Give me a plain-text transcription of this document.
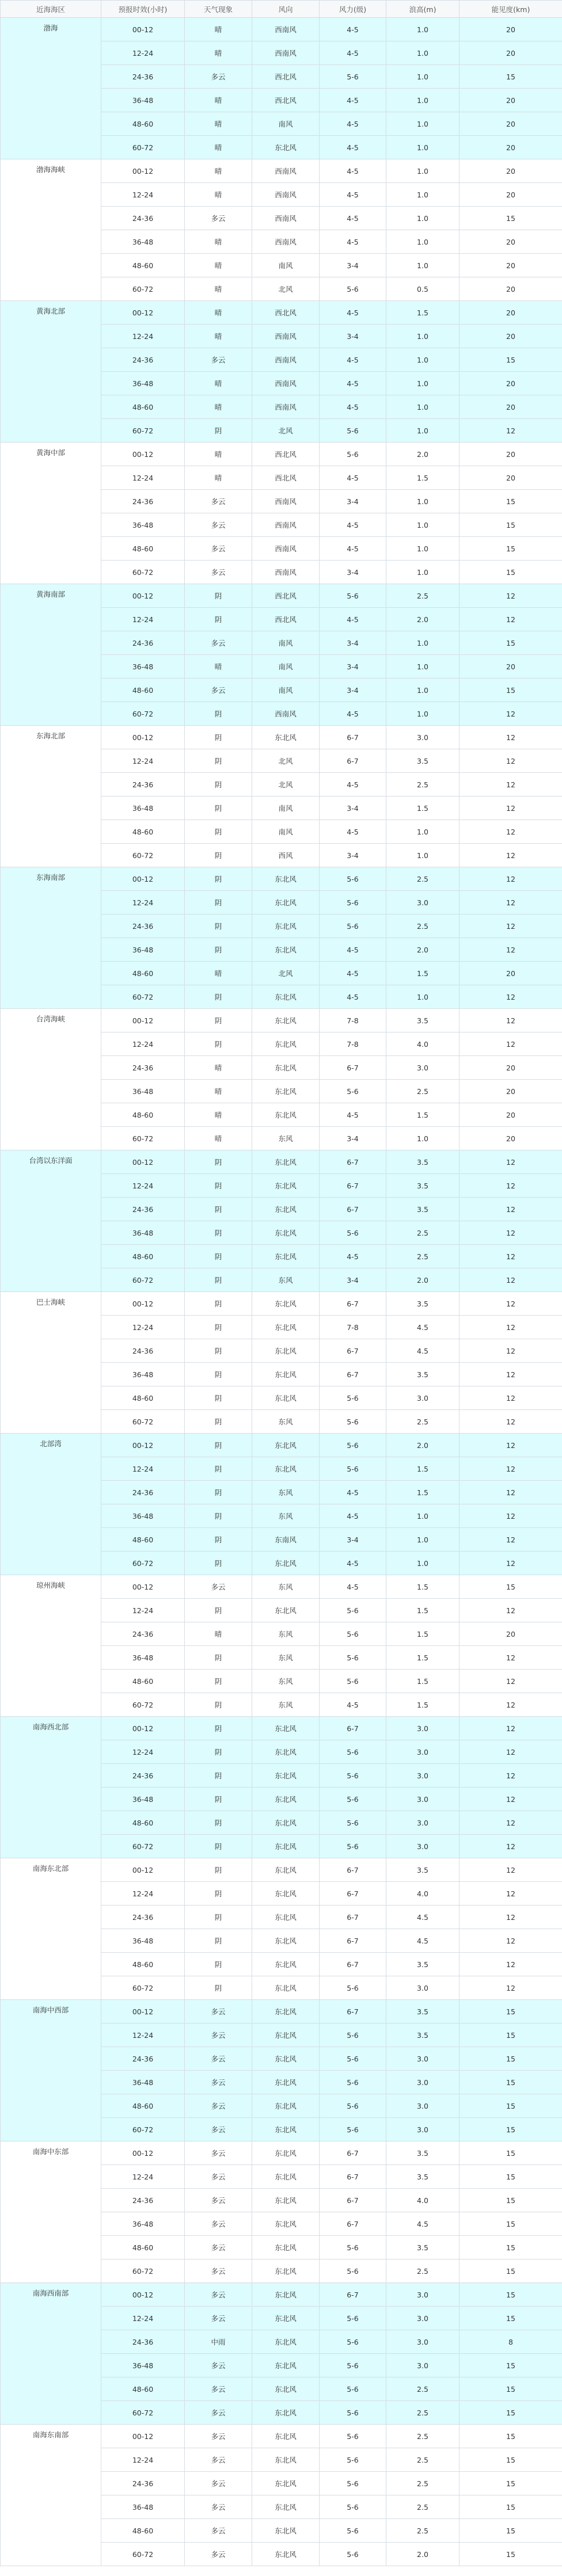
近海海区	预报时效(小时)	天气现象	风向	风力(级)	浪高(m)	能见度(km)
渤海	00-12	晴	西南风	4-5	1.0	20
	12-24	晴	西南风	4-5	1.0	20
	24-36	多云	西北风	5-6	1.0	15
	36-48	晴	西北风	4-5	1.0	20
	48-60	晴	南风	4-5	1.0	20
	60-72	晴	东北风	4-5	1.0	20
渤海海峡	00-12	晴	西南风	4-5	1.0	20
	12-24	晴	西南风	4-5	1.0	20
	24-36	多云	西南风	4-5	1.0	15
	36-48	晴	西南风	4-5	1.0	20
	48-60	晴	南风	3-4	1.0	20
	60-72	晴	北风	5-6	0.5	20
黄海北部	00-12	晴	西北风	4-5	1.5	20
	12-24	晴	西南风	3-4	1.0	20
	24-36	多云	西南风	4-5	1.0	15
	36-48	晴	西南风	4-5	1.0	20
	48-60	晴	西南风	4-5	1.0	20
	60-72	阴	北风	5-6	1.0	12
黄海中部	00-12	晴	西北风	5-6	2.0	20
	12-24	晴	西北风	4-5	1.5	20
	24-36	多云	西南风	3-4	1.0	15
	36-48	多云	西南风	4-5	1.0	15
	48-60	多云	西南风	4-5	1.0	15
	60-72	多云	西南风	3-4	1.0	15
黄海南部	00-12	阴	西北风	5-6	2.5	12
	12-24	阴	西北风	4-5	2.0	12
	24-36	多云	南风	3-4	1.0	15
	36-48	晴	南风	3-4	1.0	20
	48-60	多云	南风	3-4	1.0	15
	60-72	阴	西南风	4-5	1.0	12
东海北部	00-12	阴	东北风	6-7	3.0	12
	12-24	阴	北风	6-7	3.5	12
	24-36	阴	北风	4-5	2.5	12
	36-48	阴	南风	3-4	1.5	12
	48-60	阴	南风	4-5	1.0	12
	60-72	阴	西风	3-4	1.0	12
东海南部	00-12	阴	东北风	5-6	2.5	12
	12-24	阴	东北风	5-6	3.0	12
	24-36	阴	东北风	5-6	2.5	12
	36-48	阴	东北风	4-5	2.0	12
	48-60	晴	北风	4-5	1.5	20
	60-72	阴	东北风	4-5	1.0	12
台湾海峡	00-12	阴	东北风	7-8	3.5	12
	12-24	阴	东北风	7-8	4.0	12
	24-36	晴	东北风	6-7	3.0	20
	36-48	晴	东北风	5-6	2.5	20
	48-60	晴	东北风	4-5	1.5	20
	60-72	晴	东风	3-4	1.0	20
台湾以东洋面	00-12	阴	东北风	6-7	3.5	12
	12-24	阴	东北风	6-7	3.5	12
	24-36	阴	东北风	6-7	3.5	12
	36-48	阴	东北风	5-6	2.5	12
	48-60	阴	东北风	4-5	2.5	12
	60-72	阴	东风	3-4	2.0	12
巴士海峡	00-12	阴	东北风	6-7	3.5	12
	12-24	阴	东北风	7-8	4.5	12
	24-36	阴	东北风	6-7	4.5	12
	36-48	阴	东北风	6-7	3.5	12
	48-60	阴	东北风	5-6	3.0	12
	60-72	阴	东风	5-6	2.5	12
北部湾	00-12	阴	东北风	5-6	2.0	12
	12-24	阴	东北风	5-6	1.5	12
	24-36	阴	东风	4-5	1.5	12
	36-48	阴	东风	4-5	1.0	12
	48-60	阴	东南风	3-4	1.0	12
	60-72	阴	东北风	4-5	1.0	12
琼州海峡	00-12	多云	东风	4-5	1.5	15
	12-24	阴	东北风	5-6	1.5	12
	24-36	晴	东风	5-6	1.5	20
	36-48	阴	东风	5-6	1.5	12
	48-60	阴	东风	5-6	1.5	12
	60-72	阴	东风	4-5	1.5	12
南海西北部	00-12	阴	东北风	6-7	3.0	12
	12-24	阴	东北风	5-6	3.0	12
	24-36	阴	东北风	5-6	3.0	12
	36-48	阴	东北风	5-6	3.0	12
	48-60	阴	东北风	5-6	3.0	12
	60-72	阴	东北风	5-6	3.0	12
南海东北部	00-12	阴	东北风	6-7	3.5	12
	12-24	阴	东北风	6-7	4.0	12
	24-36	阴	东北风	6-7	4.5	12
	36-48	阴	东北风	6-7	4.5	12
	48-60	阴	东北风	6-7	3.5	12
	60-72	阴	东北风	5-6	3.0	12
南海中西部	00-12	多云	东北风	6-7	3.5	15
	12-24	多云	东北风	5-6	3.5	15
	24-36	多云	东北风	5-6	3.0	15
	36-48	多云	东北风	5-6	3.0	15
	48-60	多云	东北风	5-6	3.0	15
	60-72	多云	东北风	5-6	3.0	15
南海中东部	00-12	多云	东北风	6-7	3.5	15
	12-24	多云	东北风	6-7	3.5	15
	24-36	多云	东北风	6-7	4.0	15
	36-48	多云	东北风	6-7	4.5	15
	48-60	多云	东北风	5-6	3.5	15
	60-72	多云	东北风	5-6	2.5	15
南海西南部	00-12	多云	东北风	6-7	3.0	15
	12-24	多云	东北风	5-6	3.0	15
	24-36	中雨	东北风	5-6	3.0	8
	36-48	多云	东北风	5-6	3.0	15
	48-60	多云	东北风	5-6	2.5	15
	60-72	多云	东北风	5-6	2.5	15
南海东南部	00-12	多云	东北风	5-6	2.5	15
	12-24	多云	东北风	5-6	2.5	15
	24-36	多云	东北风	5-6	2.5	15
	36-48	多云	东北风	5-6	2.5	15
	48-60	多云	东北风	5-6	2.5	15
	60-72	多云	东北风	5-6	2.0	15
